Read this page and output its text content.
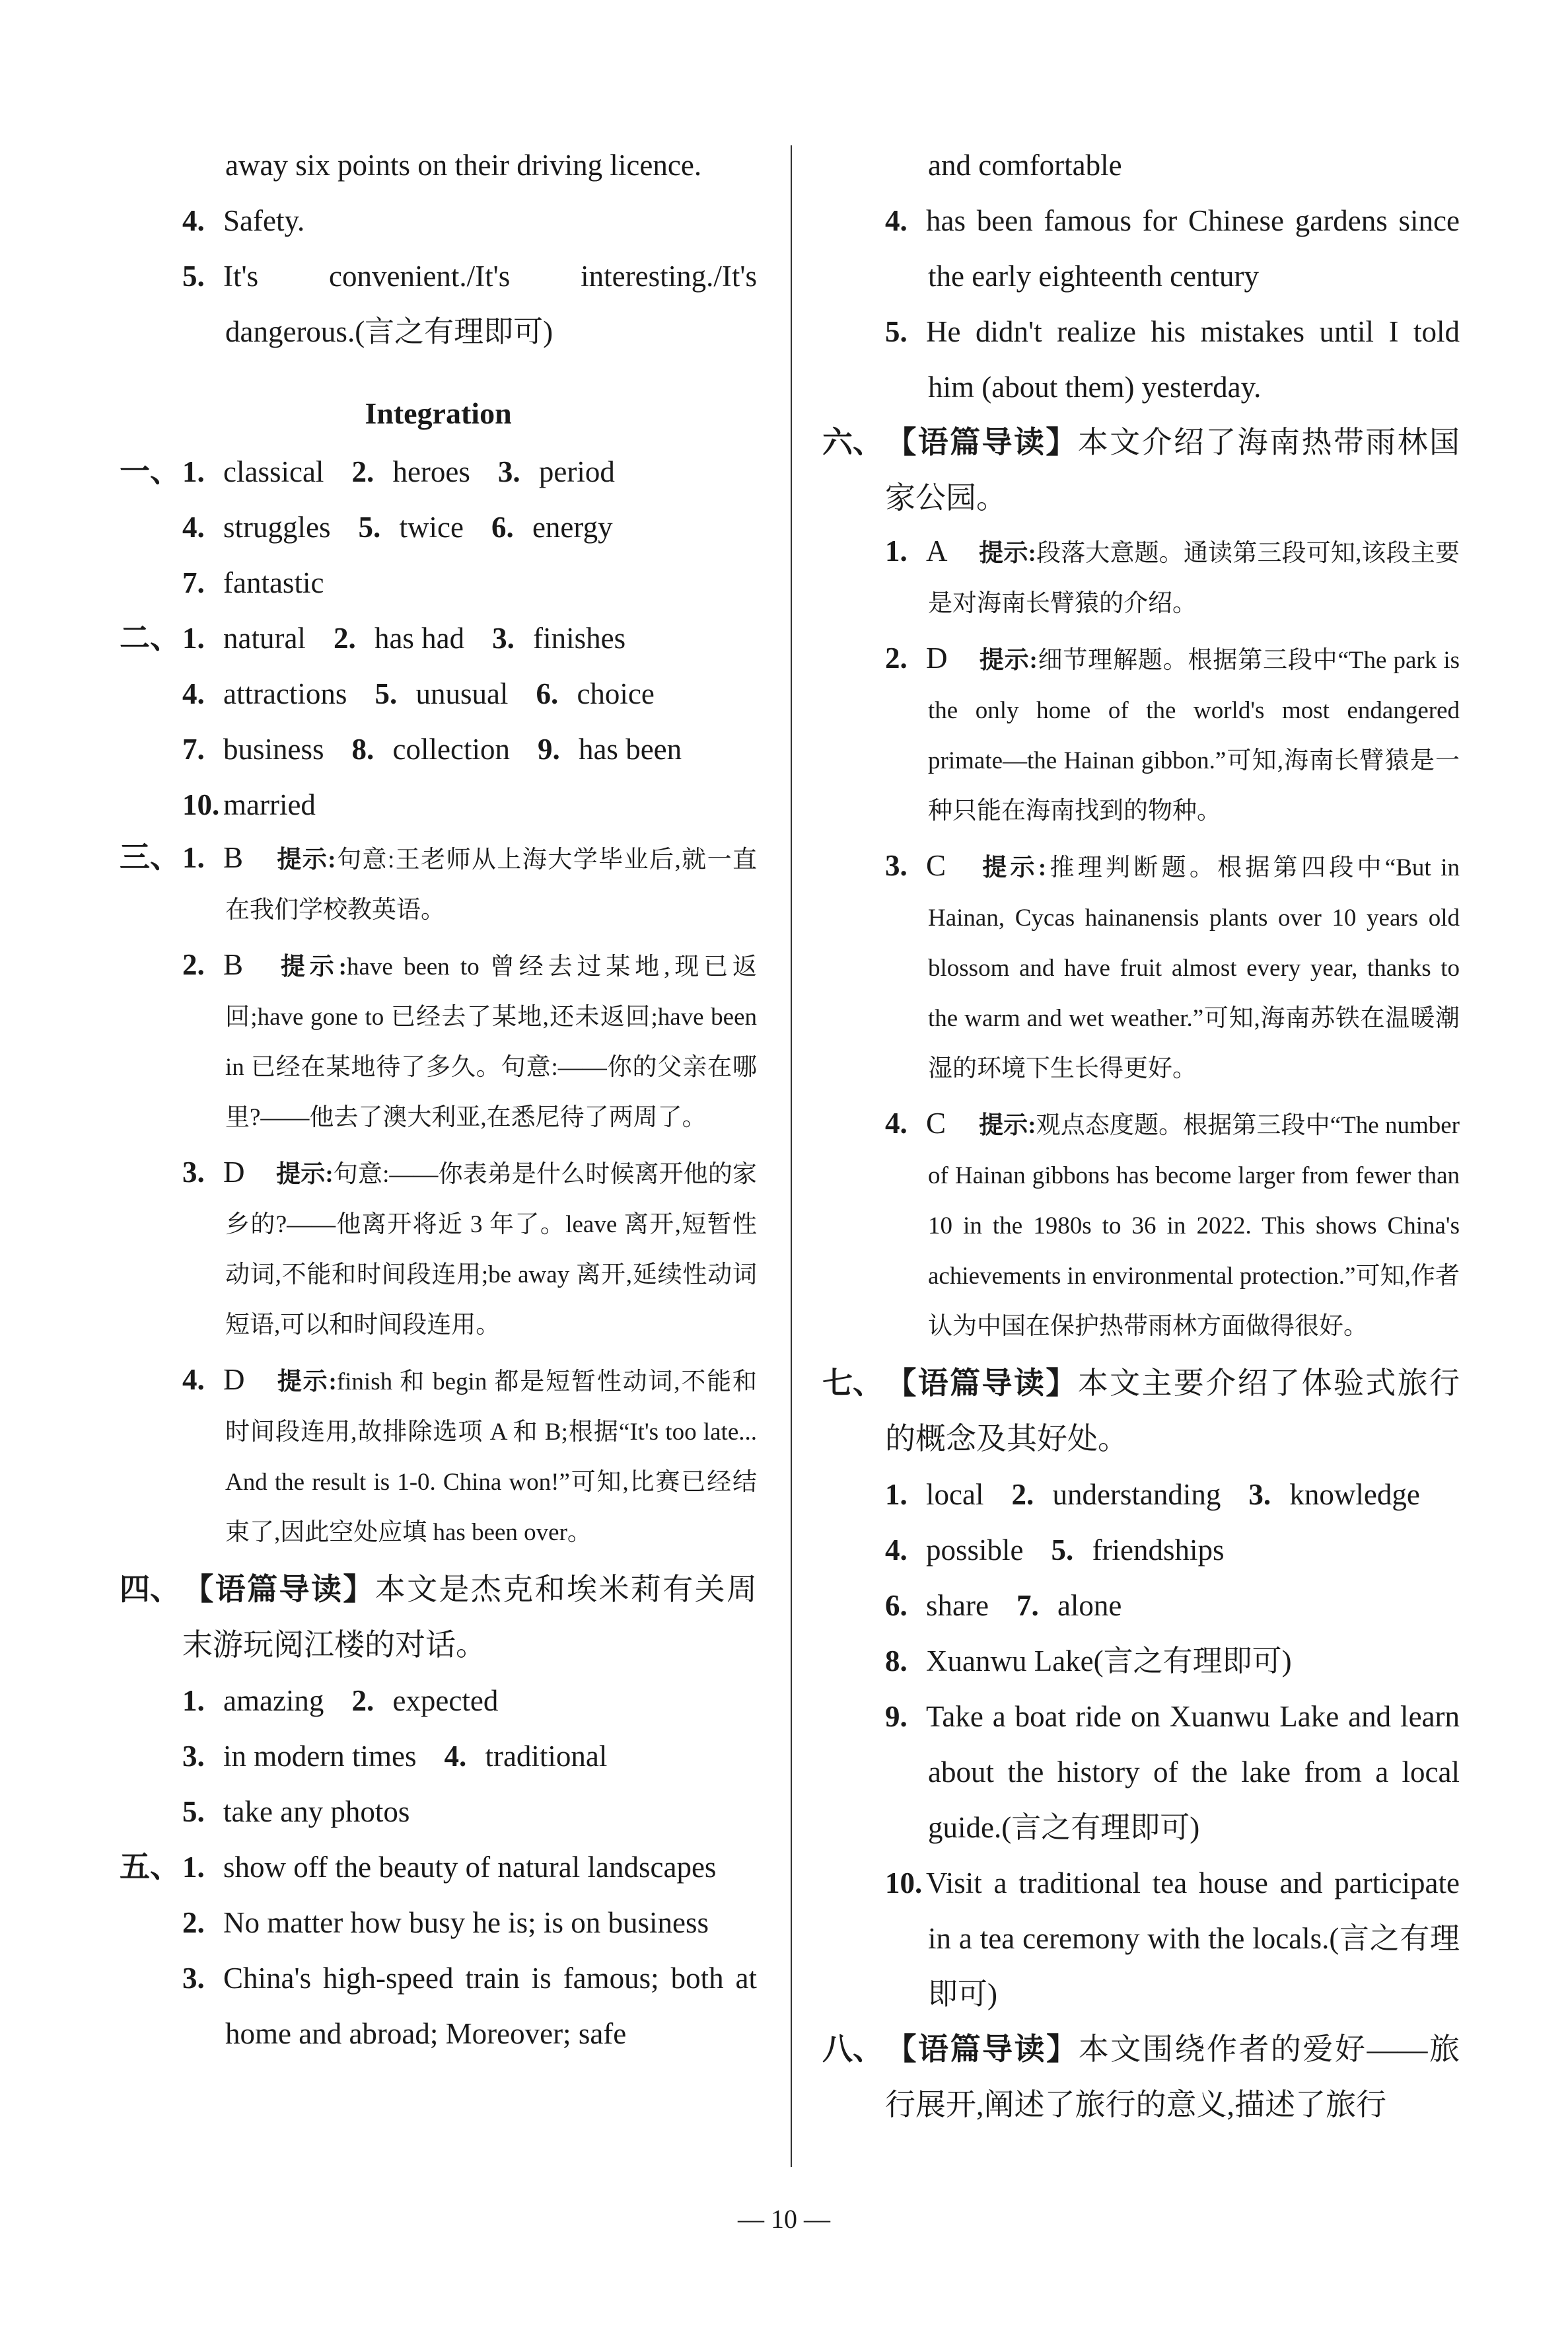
away six points on their driving licence.
4. Safety.
5. It's convenient./It's interesting./It's dangerous.(言之有理即可)
Integration
1. classical 2. heroes 3. period
一、
4. struggles 5. twice 6. energy
7. fantastic
1. natural 2. has had 3. finishes
二、
4. attractions 5. unusual 6. choice
7. business 8. collection 9. has been
10. married
1. B 提示:句意:王老师从上海大学毕业后,就一直在我们学校教英语。
三、
2. B 提示:have been to 曾经去过某地,现已返回;have gone to 已经去了某地,还未返回;have been in 已经在某地待了多久。句意:——你的父亲在哪里?——他去了澳大利亚,在悉尼待了两周了。
3. D 提示:句意:——你表弟是什么时候离开他的家乡的?——他离开将近 3 年了。leave 离开,短暂性动词,不能和时间段连用;be away 离开,延续性动词短语,可以和时间段连用。
4. D 提示:finish 和 begin 都是短暂性动词,不能和时间段连用,故排除选项 A 和 B;根据“It's too late... And the result is 1-0. China won!”可知,比赛已经结束了,因此空处应填 has been over。
四、【语篇导读】本文是杰克和埃米莉有关周末游玩阅江楼的对话。
1. amazing 2. expected
3. in modern times 4. traditional
5. take any photos
1. show off the beauty of natural landscapes
五、
2. No matter how busy he is; is on business
3. China's high-speed train is famous; both at home and abroad; Moreover; safe
and comfortable
4. has been famous for Chinese gardens since the early eighteenth century
5. He didn't realize his mistakes until I told him (about them) yesterday.
六、【语篇导读】本文介绍了海南热带雨林国家公园。
1. A 提示:段落大意题。通读第三段可知,该段主要是对海南长臂猿的介绍。
2. D 提示:细节理解题。根据第三段中“The park is the only home of the world's most endangered primate—the Hainan gibbon.”可知,海南长臂猿是一种只能在海南找到的物种。
3. C 提示:推理判断题。根据第四段中“But in Hainan, Cycas hainanensis plants over 10 years old blossom and have fruit almost every year, thanks to the warm and wet weather.”可知,海南苏铁在温暖潮湿的环境下生长得更好。
4. C 提示:观点态度题。根据第三段中“The number of Hainan gibbons has become larger from fewer than 10 in the 1980s to 36 in 2022. This shows China's achievements in environmental protection.”可知,作者认为中国在保护热带雨林方面做得很好。
七、【语篇导读】本文主要介绍了体验式旅行的概念及其好处。
1. local 2. understanding 3. knowledge
4. possible 5. friendships
6. share 7. alone
8. Xuanwu Lake(言之有理即可)
9. Take a boat ride on Xuanwu Lake and learn about the history of the lake from a local guide.(言之有理即可)
10. Visit a traditional tea house and participate in a tea ceremony with the locals.(言之有理即可)
八、【语篇导读】本文围绕作者的爱好——旅行展开,阐述了旅行的意义,描述了旅行
— 10 —
